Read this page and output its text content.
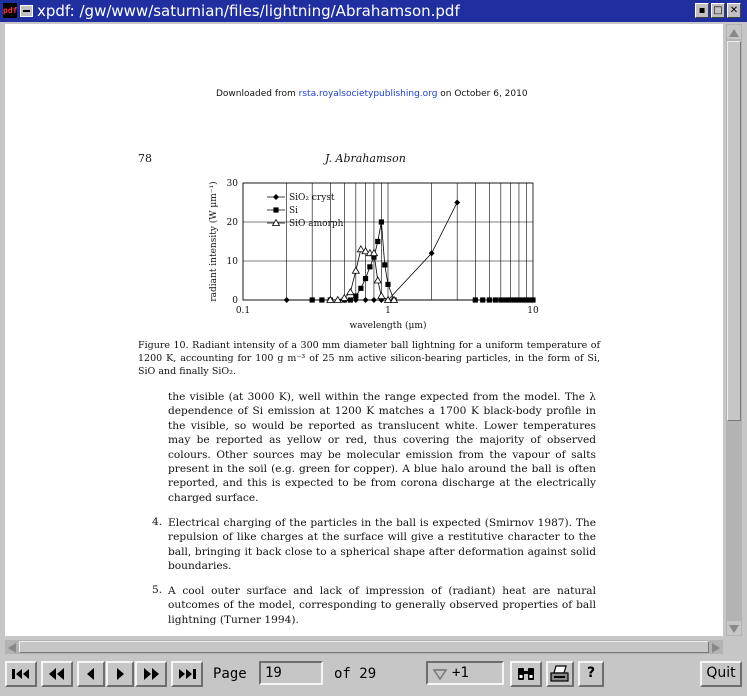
pdf xpdf: /gw/www/saturnian/files/lightning/Abrahamson.pdf	▪ □ ✕
Downloaded from rsta.royalsocietypublishing.org on October 6, 2010
78	J. Abrahamson
0
10
20
30
0.1	1	10
wavelength (μm)
radiant intensity (W μm⁻¹)	SiO₂ cryst
Si
SiO amorph
Figure 10. Radiant intensity of a 300 mm diameter ball lightning for a uniform temperature of 1200 K, accounting for 100 g m⁻³ of 25 nm active silicon-bearing particles, in the form of Si, SiO and finally SiO₂.
the visible (at 3000 K), well within the range expected from the model. The λ dependence of Si emission at 1200 K matches a 1700 K black-body profile in the visible, so would be reported as translucent white. Lower temperatures may be reported as yellow or red, thus covering the majority of observed colours. Other sources may be molecular emission from the vapour of salts present in the soil (e.g. green for copper). A blue halo around the ball is often reported, and this is expected to be from corona discharge at the electrically charged surface.
4. Electrical charging of the particles in the ball is expected (Smirnov 1987). The repulsion of like charges at the surface will give a restitutive character to the ball, bringing it back close to a spherical shape after deformation against solid boundaries.
5. A cool outer surface and lack of impression of (radiant) heat are natural outcomes of the model, corresponding to generally observed properties of ball lightning (Turner 1994).
Page	19	of 29	+1	?	Quit
